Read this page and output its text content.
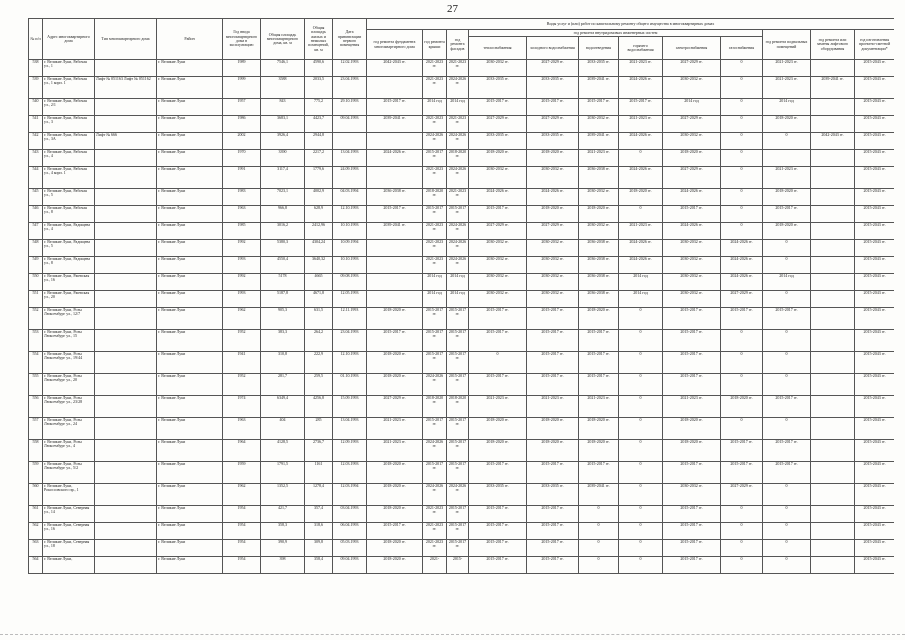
27
№ п/п	Адрес многоквартирного дома	Тип многоквартирного дома	Район	Год ввода многоквартирного дома в эксплуатацию	Общая площадь многоквартирного дома, кв. м	Общая площадь жилых и нежилых помещений, кв. м	Дата приватизации первого помещения	Виды услуг и (или) работ по капитальному ремонту общего имущества в многоквартирных домах											
								год ремонта фундамента многоквартирного дома	год ремонта крыши	год ремонта фасадов	год ремонта внутридомовых инженерных систем						год ремонта подвальных помещений	год ремонта или замены лифтового оборудования	год изготовления проектно-сметной документации*
											теплоснабжения	холодного водоснабжения	водоотведения	горячего водоснабжения	электроснабжения	газоснабжения			
538	г. Великие Луки, Рабочая ул., 1		г. Великие Луки	1989	7546,1	4590,6	12.02.1993	2042-2043 гг.	2021-2023 гг.	2021-2023 гг.	2030-2032 гг.	2027-2029 гг.	2033-2035 гг.	2021-2023 гг.	2027-2029 гг.	0	2021-2023 гг.		2015-2043 гг.
539	г. Великие Луки, Рабочая ул., 1 корп. 1	Лифт № 051163 Лифт № 051162	г. Великие Луки	1999	3588	2033,5	23.04.1993		2021-2023 гг.	2024-2026 гг.	2033-2035 гг.	2033-2035 гг.	2039-2041 гг.	2024-2026 гг.	2030-2032 гг.	0	2021-2023 гг.	2039-2041 гг.	2015-2043 гг.
540	г. Великие Луки, Рабочая ул., 2/1		г. Великие Луки	1957	843	775,2	29.10.1993	2015-2017 гг.	2014 год	2014 год	2015-2017 гг.	2015-2017 гг.	2015-2017 гг.	2015-2017 гг.	2014 год	0	2014 год		2015-2043 гг.
541	г. Великие Луки, Рабочая ул., 3		г. Великие Луки	1986	3683,1	4423,7	09.04.1993	2039-2041 гг.	2021-2023 гг.	2021-2023 гг.	2027-2029 гг.	2027-2029 гг.	2030-2032 гг.	2021-2023 гг.	2027-2029 гг.	0	2018-2020 гг.		2015-2043 гг.
542	г. Великие Луки, Рабочая ул., 3А	Лифт № 666	г. Великие Луки	2002	3926,4	2944,8			2024-2026 гг.	2024-2026 гг.	2033-2035 гг.	2033-2035 гг.	2039-2041 гг.	2024-2026 гг.	2030-2032 гг.	0	0	2042-2043 гг.	2015-2043 гг.
543	г. Великие Луки, Рабочая ул., 4		г. Великие Луки	1970	3390	2217,2	13.04.1993	2024-2026 гг.	2015-2017 гг.	2018-2020 гг.	2018-2020 гг.	2018-2020 гг.	2021-2023 гг.	0	2018-2020 гг.	0			2015-2043 гг.
544	г. Великие Луки, Рабочая ул., 4 корп. 1		г. Великие Луки	1991	3117,4	1779,6	24.09.1993		2021-2023 гг.	2024-2026 гг.	2030-2032 гг.	2030-2032 гг.	2036-2038 гг.	2024-2026 гг.	2027-2029 гг.	0	2021-2023 гг.		2015-2043 гг.
545	г. Великие Луки, Рабочая ул., 5		г. Великие Луки	1983	7023,1	4002,9	04.03.1994	2036-2038 гг.	2018-2020 гг.	2021-2023 гг.	2024-2026 гг.	2024-2026 гг.	2030-2032 гг.	2018-2020 гг.	2024-2026 гг.	0	2018-2020 гг.		2015-2043 гг.
546	г. Великие Луки, Рабочая ул., 8		г. Великие Луки	1963	966,8	628,9	12.10.1993	2015-2017 гг.	2015-2017 гг.	2015-2017 гг.	2015-2017 гг.	2018-2020 гг.	2018-2020 гг.	0	2015-2017 гг.	0	2015-2017 гг.		2015-2043 гг.
547	г. Великие Луки, Радищева ул., 4		г. Великие Луки	1985	3016,2	2412,96	10.10.1993	2039-2041 гг.	2021-2023 гг.	2024-2026 гг.	2027-2029 гг.	2027-2029 гг.	2030-2032 гг.	2021-2023 гг.	2024-2026 гг.	0	2018-2020 гг.		2015-2043 гг.
548	г. Великие Луки, Радищева ул., 5		г. Великие Луки	1992	5380,3	4304,24	10.09.1994		2021-2023 гг.	2024-2026 гг.	2030-2032 гг.	2030-2032 гг.	2036-2038 гг.	2024-2026 гг.	2030-2032 гг.	2024-2026 гг.	0		2015-2043 гг.
549	г. Великие Луки, Радищева ул., 8		г. Великие Луки	1993	4550,4	3640,32	10.10.1993		2021-2023 гг.	2024-2026 гг.	2030-2032 гг.	2030-2032 гг.	2036-2038 гг.	2024-2026 гг.	2030-2032 гг.	2024-2026 гг.	0		2015-2043 гг.
550	г. Великие Луки, Ржевская ул., 16		г. Великие Луки	1992	5178	4665	09.08.1993		2014 год	2014 год	2030-2032 гг.	2030-2032 гг.	2036-2038 гг.	2014 год	2030-2032 гг.	2024-2026 гг.	2014 год		2015-2043 гг.
551	г. Великие Луки, Ржевская ул., 20		г. Великие Луки	1993	5187,8	4671,8	12.05.1993		2014 год	2014 год	2030-2032 гг.	2030-2032 гг.	2036-2038 гг.	2014 год	2030-2032 гг.	2027-2029 гг.	0		2015-2043 гг.
552	г. Великие Луки, Розы Люксембург ул., 12/7		г. Великие Луки	1962	905,3	631,5	12.11.1993	2018-2020 гг.	2015-2017 гг.	2015-2017 гг.	2015-2017 гг.	2015-2017 гг.	2018-2020 гг.	0	2015-2017 гг.	2015-2017 гг.	2015-2017 гг.		2015-2043 гг.
553	г. Великие Луки, Розы Люксембург ул., 15		г. Великие Луки	1952	383,3	264,2	23.04.1993	2015-2017 гг.	2015-2017 гг.	2015-2017 гг.	2015-2017 гг.	2015-2017 гг.	2015-2017 гг.	0	2015-2017 гг.	0	0		2015-2043 гг.
554	г. Великие Луки, Розы Люксембург ул., 19/44		г. Великие Луки	1941	310,8	222,9	12.10.1993	2018-2020 гг.	2015-2017 гг.	2015-2017 гг.	0	2015-2017 гг.	2015-2017 гг.	0	2015-2017 гг.	0	0		2015-2043 гг.
555	г. Великие Луки, Розы Люксембург ул., 20		г. Великие Луки	1952	281,7	259,5	01.10.1993	2018-2020 гг.	2024-2026 гг.	2015-2017 гг.	2015-2017 гг.	2015-2017 гг.	2015-2017 гг.	0	2015-2017 гг.	0	0		2015-2043 гг.
556	г. Великие Луки, Розы Люксембург ул., 23/28		г. Великие Луки	1974	6349,4	4256,8	15.09.1993	2027-2029 гг.	2018-2020 гг.	2018-2020 гг.	2021-2023 гг.	2021-2023 гг.	2021-2023 гг.	0	2021-2023 гг.	2018-2020 гг.	2015-2017 гг.		2015-2043 гг.
557	г. Великие Луки, Розы Люксембург ул., 24		г. Великие Луки	1963	404	285	13.04.1993	2021-2023 гг.	2015-2017 гг.	2015-2017 гг.	2018-2020 гг.	2018-2020 гг.	2018-2020 гг.	0	2018-2020 гг.	0	0		2015-2043 гг.
558	г. Великие Луки, Розы Люксембург ул., 4		г. Великие Луки	1964	4128,5	2736,7	12.09.1993	2021-2023 гг.	2024-2026 гг.	2015-2017 гг.	2018-2020 гг.	2018-2020 гг.	2018-2020 гг.	0	2018-2020 гг.	2015-2017 гг.	2015-2017 гг.		2015-2043 гг.
559	г. Великие Луки, Розы Люксембург ул., 5/2		г. Великие Луки	1959	1791,5	1161	12.03.1993	2018-2020 гг.	2015-2017 гг.	2015-2017 гг.	2015-2017 гг.	2015-2017 гг.	2015-2017 гг.	0	2015-2017 гг.	2015-2017 гг.	2015-2017 гг.		2015-2043 гг.
560	г. Великие Луки, Рокоссовского пр., 1		г. Великие Луки	1962	1352,5	1278,4	12.03.1994	2018-2020 гг.	2024-2026 гг.	2024-2026 гг.	2033-2035 гг.	2033-2035 гг.	2039-2041 гг.	0	2030-2032 гг.	2027-2029 гг.	0		2015-2043 гг.
561	г. Великие Луки, Северная ул., 14		г. Великие Луки	1954	421,7	357,4	03.04.1993	2018-2020 гг.	2021-2023 гг.	2015-2017 гг.	2015-2017 гг.	2015-2017 гг.	0	0	2015-2017 гг.	0	0		2015-2043 гг.
562	г. Великие Луки, Северная ул., 16		г. Великие Луки	1954	358,3	318,6	06.04.1993	2015-2017 гг.	2021-2023 гг.	2015-2017 гг.	2015-2017 гг.	2015-2017 гг.	0	0	2015-2017 гг.	0	0		2015-2043 гг.
563	г. Великие Луки, Северная ул., 18		г. Великие Луки	1954	390,9	309,8	05.03.1993	2018-2020 гг.	2021-2023 гг.	2015-2017 гг.	2015-2017 гг.	2015-2017 гг.	0	0	2015-2017 гг.	0	0		2015-2043 гг.
564	г. Великие Луки,		г. Великие Луки	1954	398	358,4	09.04.1993	2018-2020 гг.	2021-	2015-	2015-2017 гг.	2015-2017 гг.	0	0	2015-2017 гг.	0	0		2015-2043 гг.
